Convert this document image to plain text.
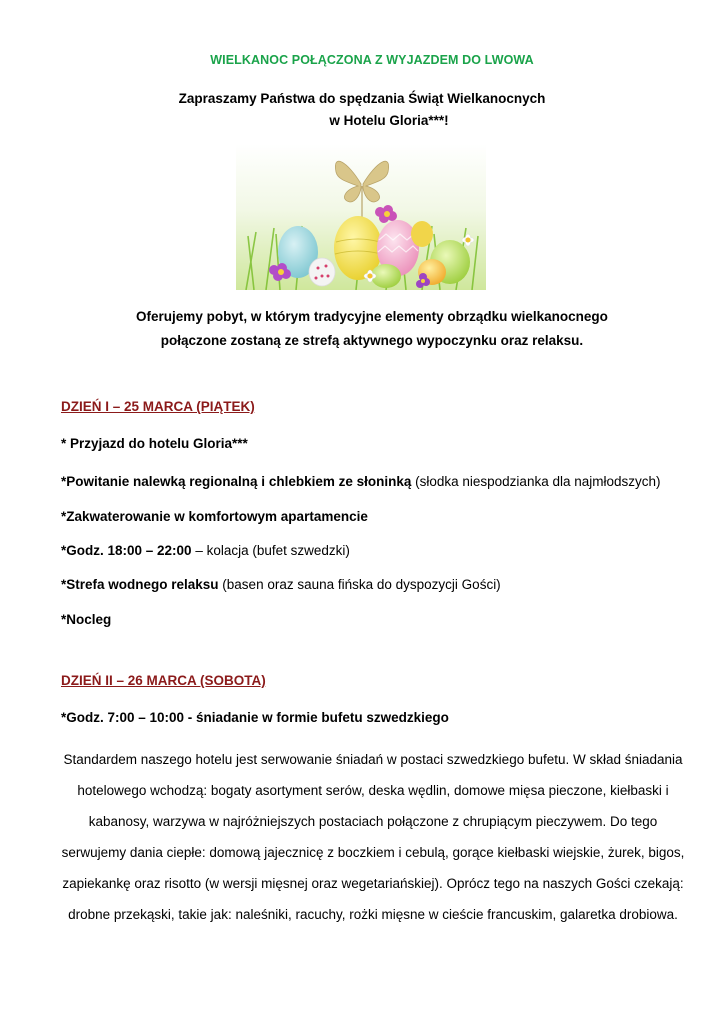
WIELKANOC POŁĄCZONA Z WYJAZDEM DO LWOWA
Zapraszamy Państwa do spędzania Świąt Wielkanocnych
w Hotelu Gloria***!
Oferujemy pobyt, w którym tradycyjne elementy obrządku wielkanocnego
połączone zostaną ze strefą aktywnego wypoczynku oraz relaksu.
DZIEŃ I – 25 MARCA (PIĄTEK)
* Przyjazd do hotelu Gloria***
*Powitanie nalewką regionalną i chlebkiem ze słoninką (słodka niespodzianka dla najmłodszych)
*Zakwaterowanie w komfortowym apartamencie
*Godz. 18:00 – 22:00 – kolacja (bufet szwedzki)
*Strefa wodnego relaksu (basen oraz sauna fińska do dyspozycji Gości)
*Nocleg
DZIEŃ II – 26 MARCA (SOBOTA)
*Godz. 7:00 – 10:00 - śniadanie w formie bufetu szwedzkiego
Standardem naszego hotelu jest serwowanie śniadań w postaci szwedzkiego bufetu. W skład śniadania hotelowego wchodzą: bogaty asortyment serów, deska wędlin, domowe mięsa pieczone, kiełbaski i kabanosy, warzywa w najróżniejszych postaciach połączone z chrupiącym pieczywem. Do tego serwujemy dania ciepłe: domową jajecznicę z boczkiem i cebulą, gorące kiełbaski wiejskie, żurek, bigos, zapiekankę oraz risotto (w wersji mięsnej oraz wegetariańskiej). Oprócz tego na naszych Gości czekają: drobne przekąski, takie jak: naleśniki, racuchy, rożki mięsne w cieście francuskim, galaretka drobiowa.
